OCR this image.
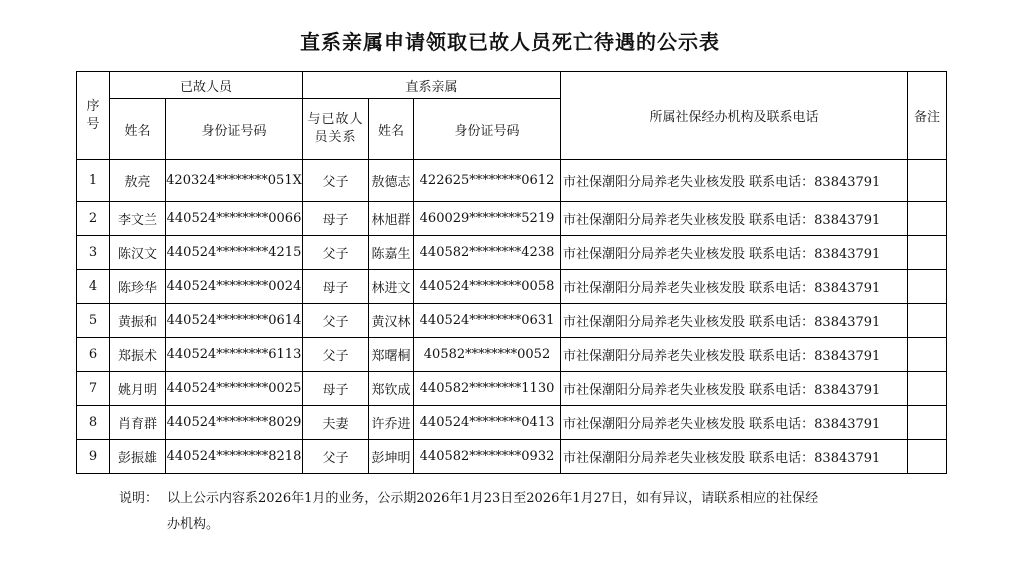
直系亲属申请领取已故人员死亡待遇的公示表
序号	已故人员		直系亲属			所属社保经办机构及联系电话	备注
	姓名	身份证号码	与已故人员关系	姓名	身份证号码		
1	敖亮	420324********051X	父子	敖德志	422625********0612	市社保潮阳分局养老失业核发股 联系电话：83843791	
2	李文兰	440524********0066	母子	林旭群	460029********5219	市社保潮阳分局养老失业核发股 联系电话：83843791	
3	陈汉文	440524********4215	父子	陈嘉生	440582********4238	市社保潮阳分局养老失业核发股 联系电话：83843791	
4	陈珍华	440524********0024	母子	林进文	440524********0058	市社保潮阳分局养老失业核发股 联系电话：83843791	
5	黄振和	440524********0614	父子	黄汉林	440524********0631	市社保潮阳分局养老失业核发股 联系电话：83843791	
6	郑振术	440524********6113	父子	郑曙桐	40582********0052	市社保潮阳分局养老失业核发股 联系电话：83843791	
7	姚月明	440524********0025	母子	郑钦成	440582********1130	市社保潮阳分局养老失业核发股 联系电话：83843791	
8	肖育群	440524********8029	夫妻	许乔进	440524********0413	市社保潮阳分局养老失业核发股 联系电话：83843791	
9	彭振雄	440524********8218	父子	彭坤明	440582********0932	市社保潮阳分局养老失业核发股 联系电话：83843791	
说明： 以上公示内容系2026年1月的业务，公示期2026年1月23日至2026年1月27日，如有异议，请联系相应的社保经办机构。
